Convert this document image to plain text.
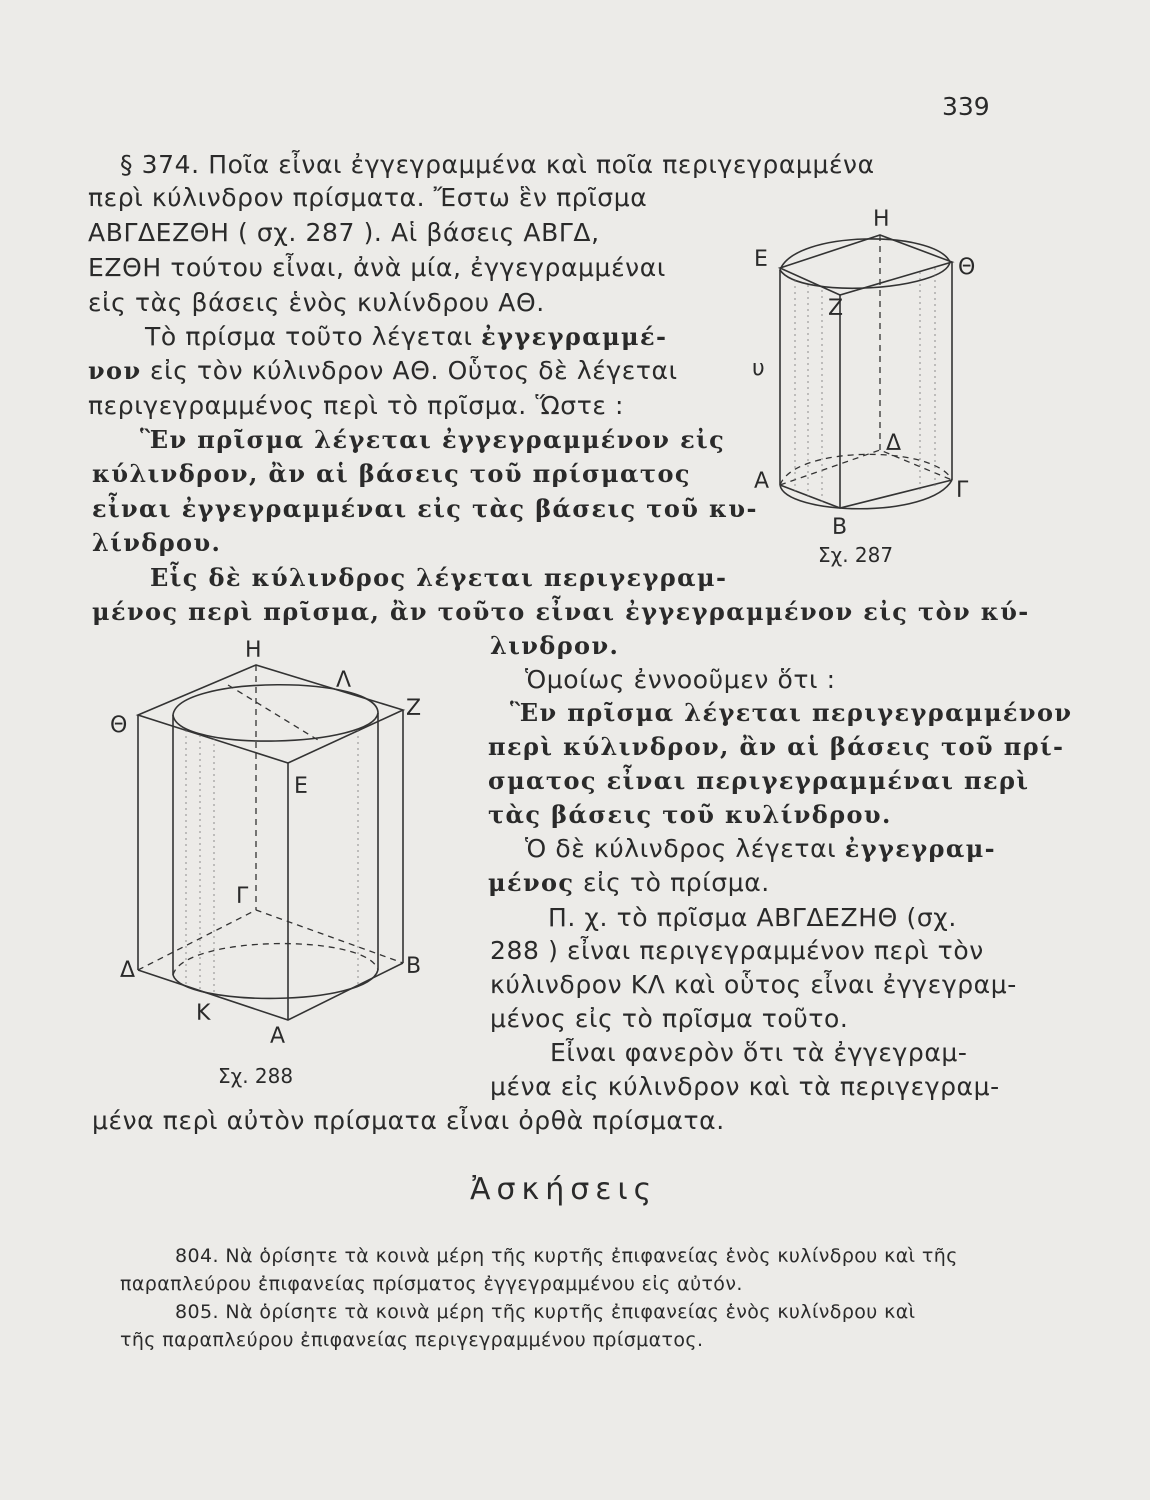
339
§ 374. Ποῖα εἶναι ἐγγεγραμμένα καὶ ποῖα περιγεγραμμένα
περὶ κύλινδρον πρίσματα. Ἔστω ἓν πρῖσμα
ΑΒΓΔΕΖΘΗ ( σχ. 287 ). Αἱ βάσεις ΑΒΓΔ,
ΕΖΘΗ τούτου εἶναι, ἀνὰ μία, ἐγγεγραμμέναι
εἰς τὰς βάσεις ἑνὸς κυλίνδρου ΑΘ.
Τὸ πρίσμα τοῦτο λέγεται ἐγγεγραμμέ-
νον εἰς τὸν κύλινδρον ΑΘ. Οὗτος δὲ λέγεται
περιγεγραμμένος περὶ τὸ πρῖσμα. Ὥστε :
Ἓν πρῖσμα λέγεται ἐγγεγραμμένον εἰς
κύλινδρον, ἂν αἱ βάσεις τοῦ πρίσματος
εἶναι ἐγγεγραμμέναι εἰς τὰς βάσεις τοῦ κυ-
λίνδρου.
Εἷς δὲ κύλινδρος λέγεται περιγεγραμ-
μένος περὶ πρῖσμα, ἂν τοῦτο εἶναι ἐγγεγραμμένον εἰς τὸν κύ-
λινδρον.
Ὁμοίως ἐννοοῦμεν ὅτι :
Ἓν πρῖσμα λέγεται περιγεγραμμένον
περὶ κύλινδρον, ἂν αἱ βάσεις τοῦ πρί-
σματος εἶναι περιγεγραμμέναι περὶ
τὰς βάσεις τοῦ κυλίνδρου.
Ὁ δὲ κύλινδρος λέγεται ἐγγεγραμ-
μένος εἰς τὸ πρίσμα.
Π. χ. τὸ πρῖσμα ΑΒΓΔΕΖΗΘ (σχ.
288 ) εἶναι περιγεγραμμένον περὶ τὸν
κύλινδρον ΚΛ καὶ οὗτος εἶναι ἐγγεγραμ-
μένος εἰς τὸ πρῖσμα τοῦτο.
Εἶναι φανερὸν ὅτι τὰ ἐγγεγραμ-
μένα εἰς κύλινδρον καὶ τὰ περιγεγραμ-
μένα περὶ αὐτὸν πρίσματα εἶναι ὀρθὰ πρίσματα.
Ἀσκήσεις
804. Νὰ ὁρίσητε τὰ κοινὰ μέρη τῆς κυρτῆς ἐπιφανείας ἑνὸς κυλίνδρου καὶ τῆς
παραπλεύρου ἐπιφανείας πρίσματος ἐγγεγραμμένου εἰς αὐτόν.
805. Νὰ ὁρίσητε τὰ κοινὰ μέρη τῆς κυρτῆς ἐπιφανείας ἑνὸς κυλίνδρου καὶ
τῆς παραπλεύρου ἐπιφανείας περιγεγραμμένου πρίσματος.
Ε
Η
Θ
Ζ
υ
Δ
Α	Γ
Β
Σχ. 287
Η
Λ
Θ
Ζ
Ε
Γ
Δ	Β
Κ
Α
Σχ. 288
